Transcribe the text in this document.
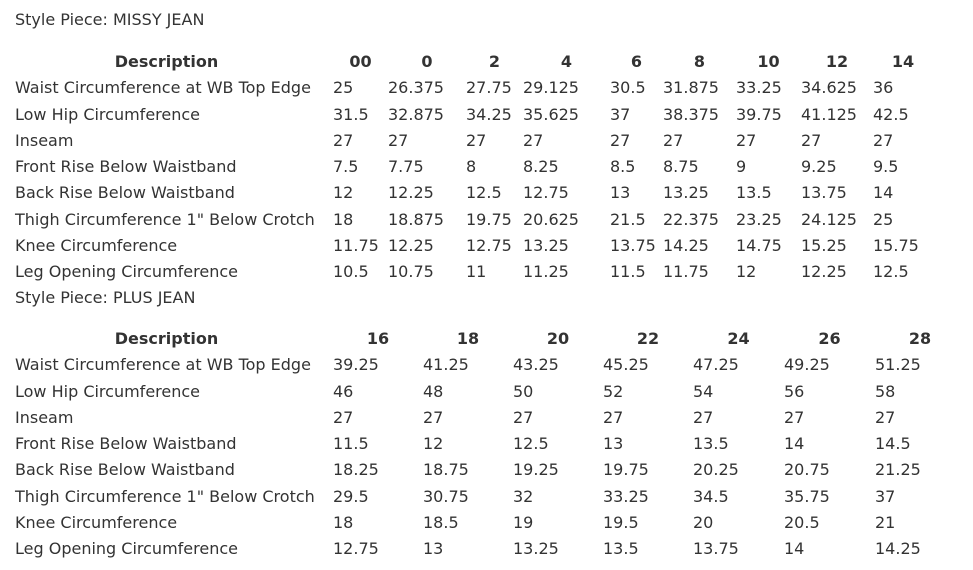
Style Piece: MISSY JEAN
Description	00	0	2	4	6	8	10	12	14
Waist Circumference at WB Top Edge	25	26.375	27.75	29.125	30.5	31.875	33.25	34.625	36
Low Hip Circumference	31.5	32.875	34.25	35.625	37	38.375	39.75	41.125	42.5
Inseam	27	27	27	27	27	27	27	27	27
Front Rise Below Waistband	7.5	7.75	8	8.25	8.5	8.75	9	9.25	9.5
Back Rise Below Waistband	12	12.25	12.5	12.75	13	13.25	13.5	13.75	14
Thigh Circumference 1" Below Crotch	18	18.875	19.75	20.625	21.5	22.375	23.25	24.125	25
Knee Circumference	11.75	12.25	12.75	13.25	13.75	14.25	14.75	15.25	15.75
Leg Opening Circumference	10.5	10.75	11	11.25	11.5	11.75	12	12.25	12.5
Style Piece: PLUS JEAN
Description	16	18	20	22	24	26	28
Waist Circumference at WB Top Edge	39.25	41.25	43.25	45.25	47.25	49.25	51.25
Low Hip Circumference	46	48	50	52	54	56	58
Inseam	27	27	27	27	27	27	27
Front Rise Below Waistband	11.5	12	12.5	13	13.5	14	14.5
Back Rise Below Waistband	18.25	18.75	19.25	19.75	20.25	20.75	21.25
Thigh Circumference 1" Below Crotch	29.5	30.75	32	33.25	34.5	35.75	37
Knee Circumference	18	18.5	19	19.5	20	20.5	21
Leg Opening Circumference	12.75	13	13.25	13.5	13.75	14	14.25
